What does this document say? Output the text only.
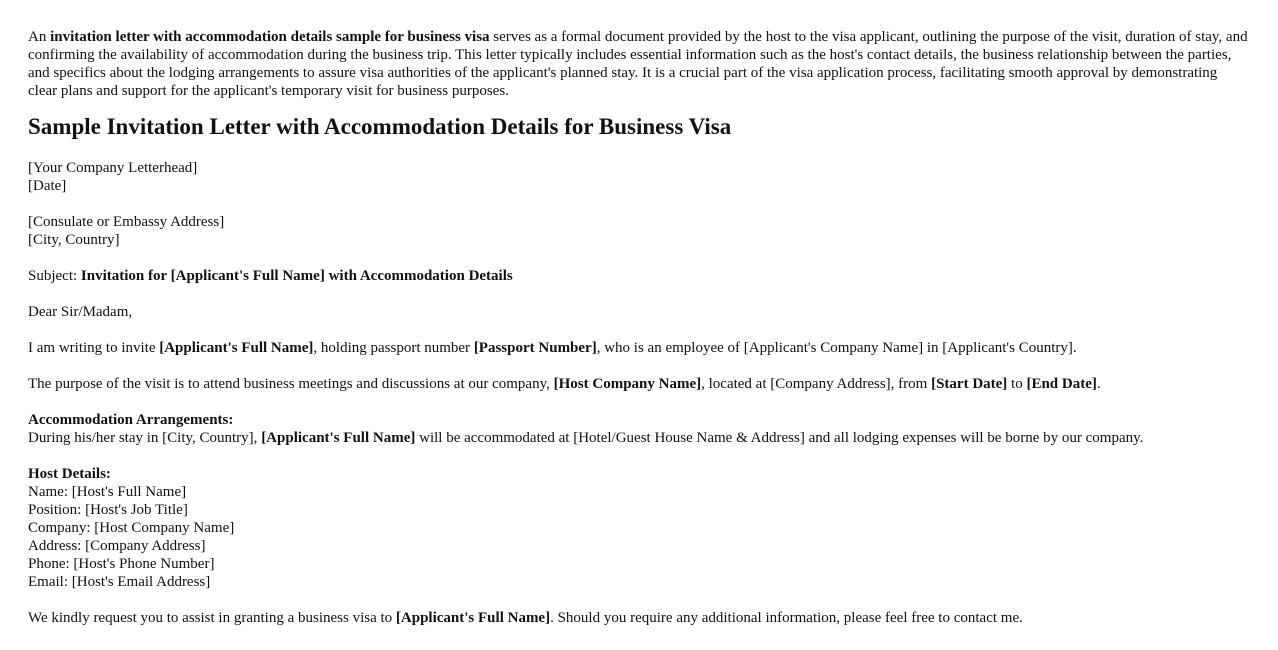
An invitation letter with accommodation details sample for business visa serves as a formal document provided by the host to the visa applicant, outlining the purpose of the visit, duration of stay, and confirming the availability of accommodation during the business trip. This letter typically includes essential information such as the host's contact details, the business relationship between the parties, and specifics about the lodging arrangements to assure visa authorities of the applicant's planned stay. It is a crucial part of the visa application process, facilitating smooth approval by demonstrating clear plans and support for the applicant's temporary visit for business purposes.

Sample Invitation Letter with Accommodation Details for Business Visa

[Your Company Letterhead]
[Date]

[Consulate or Embassy Address]
[City, Country]

Subject: Invitation for [Applicant's Full Name] with Accommodation Details

Dear Sir/Madam,

I am writing to invite [Applicant's Full Name], holding passport number [Passport Number], who is an employee of [Applicant's Company Name] in [Applicant's Country].

The purpose of the visit is to attend business meetings and discussions at our company, [Host Company Name], located at [Company Address], from [Start Date] to [End Date].

Accommodation Arrangements:
During his/her stay in [City, Country], [Applicant's Full Name] will be accommodated at [Hotel/Guest House Name & Address] and all lodging expenses will be borne by our company.

Host Details:
Name: [Host's Full Name]
Position: [Host's Job Title]
Company: [Host Company Name]
Address: [Company Address]
Phone: [Host's Phone Number]
Email: [Host's Email Address]

We kindly request you to assist in granting a business visa to [Applicant's Full Name]. Should you require any additional information, please feel free to contact me.
